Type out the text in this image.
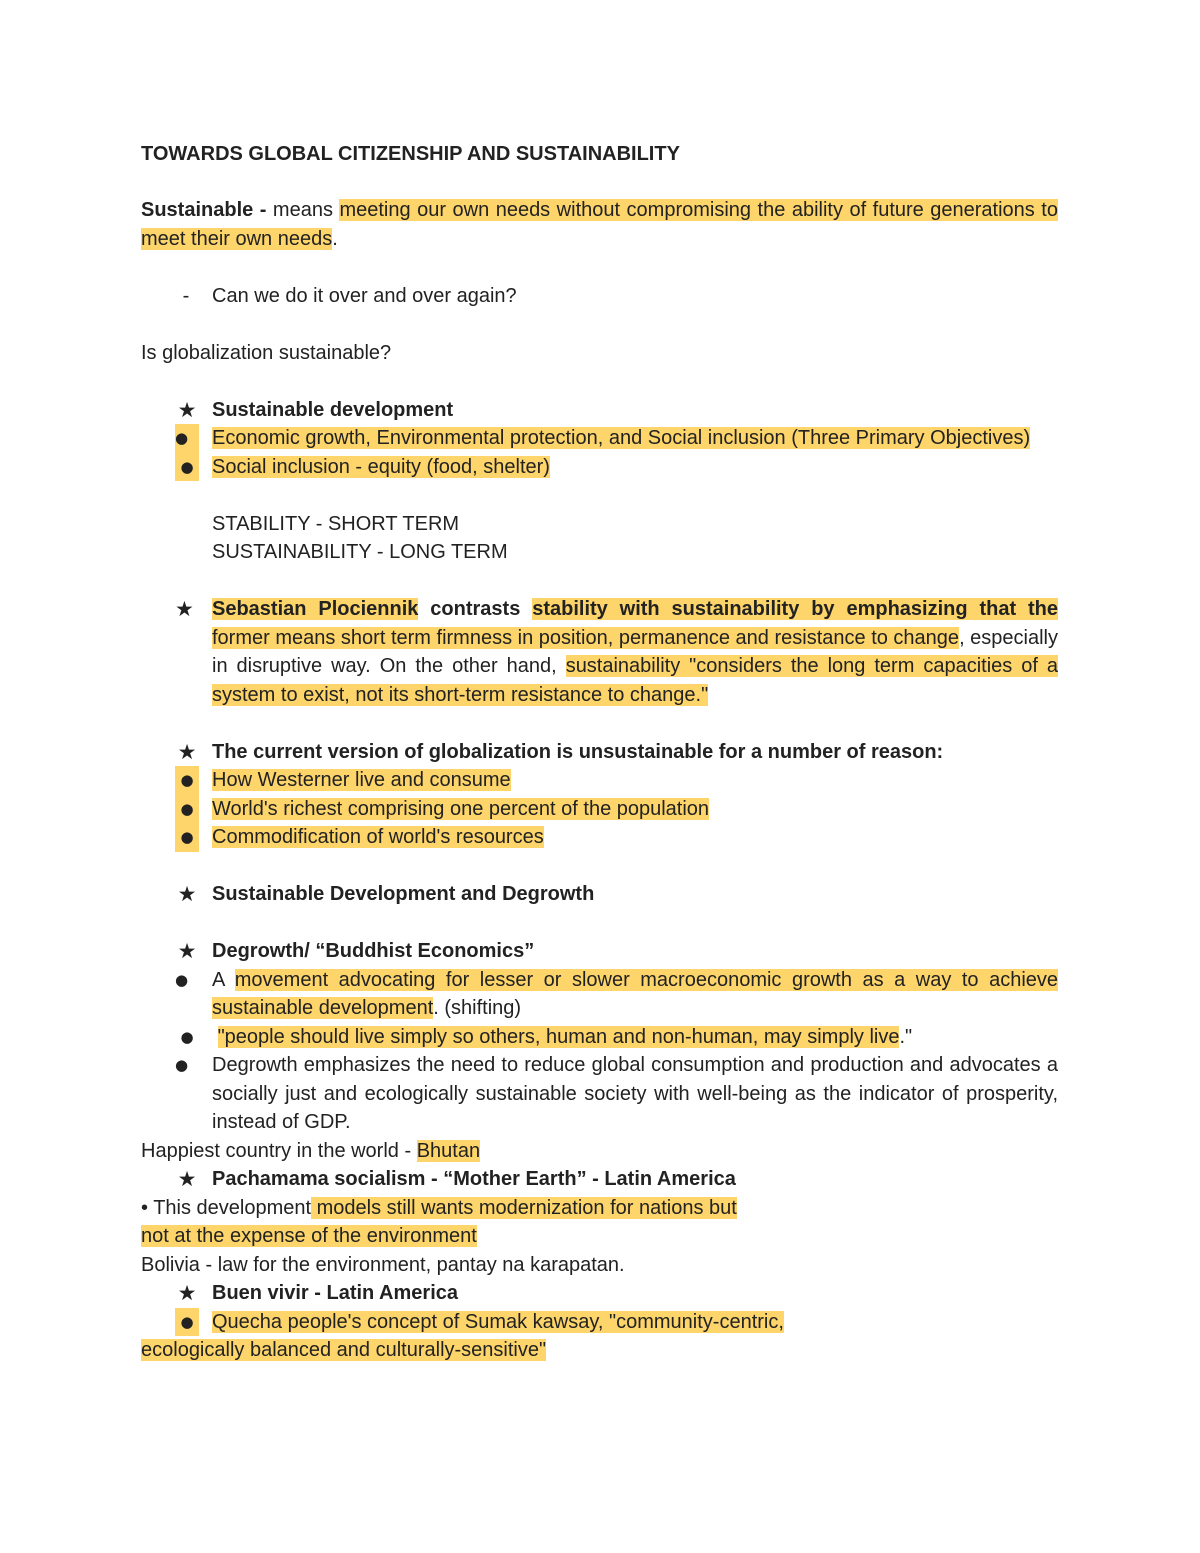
TOWARDS GLOBAL CITIZENSHIP AND SUSTAINABILITY

Sustainable - means meeting our own needs without compromising the ability of future generations to meet their own needs.

-	Can we do it over and over again?

Is globalization sustainable?

★ Sustainable development
●	Economic growth, Environmental protection, and Social inclusion (Three Primary Objectives)
● Social inclusion - equity (food, shelter)

STABILITY - SHORT TERM

SUSTAINABILITY - LONG TERM

★ Sebastian Plociennik contrasts stability with sustainability by emphasizing that the former means short term firmness in position, permanence and resistance to change, especially in disruptive way. On the other hand, sustainability "considers the long term capacities of a system to exist, not its short-term resistance to change."
★ The current version of globalization is unsustainable for a number of reason:
● How Westerner live and consume
● World's richest comprising one percent of the population
● Commodification of world's resources
★ Sustainable Development and Degrowth
★ Degrowth/ “Buddhist Economics”
●	A movement advocating for lesser or slower macroeconomic growth as a way to achieve sustainable development. (shifting)
● "people should live simply so others, human and non-human, may simply live."
●	Degrowth emphasizes the need to reduce global consumption and production and advocates a socially just and ecologically sustainable society with well-being as the indicator of prosperity, instead of GDP.

Happiest country in the world - Bhutan

★ Pachamama socialism - “Mother Earth” - Latin America

• This development models still wants modernization for nations but

not at the expense of the environment

Bolivia - law for the environment, pantay na karapatan.

★ Buen vivir - Latin America
● Quecha people's concept of Sumak kawsay, "community-centric,

ecologically balanced and culturally-sensitive"
